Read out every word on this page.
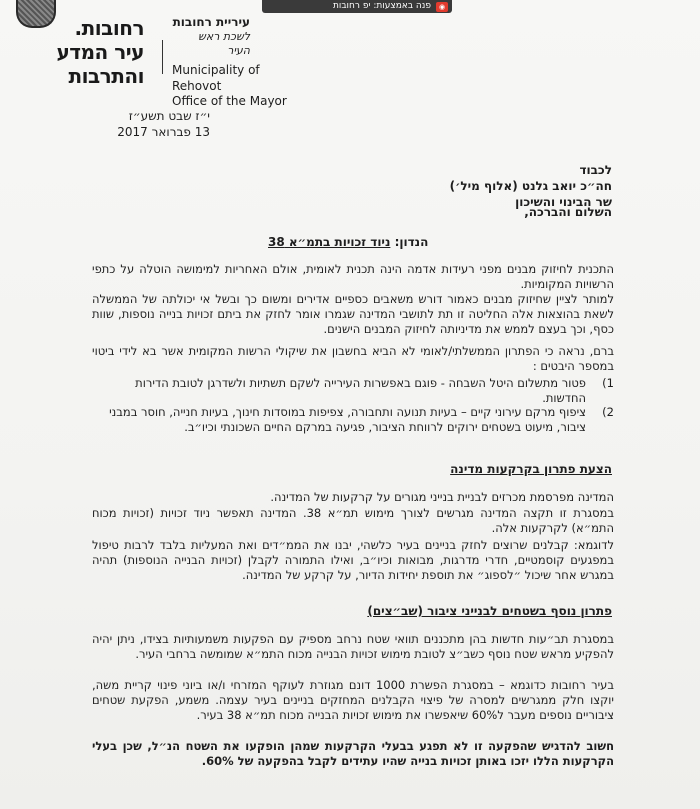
פנה באמצעות: יפ רחובות	◉
רחובות.
עיר המדע
והתרבות
עיריית רחובות
לשכת ראש העיר
Municipality of Rehovot
Office of the Mayor
י״ז שבט תשע״ז
13 פברואר 2017
לכבוד
חה״כ יואב גלנט (אלוף מיל׳)
שר הבינוי והשיכון
השלום והברכה,
הנדון: ניוד זכויות בתמ״א 38
התכנית לחיזוק מבנים מפני רעידות אדמה הינה תכנית לאומית, אולם האחריות למימושה הוטלה על כתפי הרשויות המקומיות.
למותר לציין שחיזוק מבנים כאמור דורש משאבים כספיים אדירים ומשום כך ובשל אי יכולתה של הממשלה לשאת בהוצאות אלה החליטה זו תת לתושבי המדינה שגמרו אומר לחזק את ביתם זכויות בנייה נוספות, שוות כסף, וכך בעצם לממש את מדיניותה לחיזוק המבנים הישנים.
ברם, נראה כי הפתרון הממשלתי/לאומי לא הביא בחשבון את שיקולי הרשות המקומית אשר בא לידי ביטוי במספר היבטים :
1)
פטור מתשלום היטל השבחה - פוגם באפשרות העירייה לשקם תשתיות ולשדרגן לטובת הדירות החדשות.
2)
ציפוף מרקם עירוני קיים – בעיות תנועה ותחבורה, צפיפות במוסדות חינוך, בעיות חנייה, חוסר במבני ציבור, מיעוט בשטחים ירוקים לרווחת הציבור, פגיעה במרקם החיים השכונתי וכיו״ב.
הצעת פתרון בקרקעות מדינה
המדינה מפרסמת מכרזים לבניית בנייני מגורים על קרקעות של המדינה.
במסגרת זו תקצה המדינה מגרשים לצורך מימוש תמ״א 38. המדינה תאפשר ניוד זכויות (זכויות מכוח התמ״א) לקרקעות אלה.
לדוגמא: קבלנים שרוצים לחזק בניינים בעיר כלשהי, יבנו את הממ״דים ואת המעליות בלבד לרבות טיפול במפגעים קוסמטיים, חדרי מדרגות, מבואות וכיו״ב, ואילו התמורה לקבלן (זכויות הבנייה הנוספות) תהיה במגרש אחר שיכול ״לספוג״ את תוספת יחידות הדיור, על קרקע של המדינה.
פתרון נוסף בשטחים לבנייני ציבור (שב״צים)
במסגרת תב״עות חדשות בהן מתכננים תוואי שטח נרחב מספיק עם הפקעות משמעותיות בצידו, ניתן יהיה להפקיע מראש שטח נוסף כשב״צ לטובת מימוש זכויות הבנייה מכוח התמ״א שמומשה ברחבי העיר.
בעיר רחובות כדוגמא – במסגרת הפשרת 1000 דונם מגוזרת לעוקף המזרחי ו/או ביוני פינוי קריית משה, יוקצו חלק ממגרשים למסרה של פיצוי הקבלנים המחזקים בניינים בעיר עצמה. משמע, הפקעת שטחים ציבוריים נוספים מעבר ל60% שיאפשרו את מימוש זכויות הבנייה מכוח תמ״א 38 בעיר.
חשוב להדגיש שהפקעה זו לא תפגע בבעלי הקרקעות שמהן הופקעו את השטח הנ״ל, שכן בעלי הקרקעות הללו יזכו באותן זכויות בנייה שהיו עתידים לקבל בהפקעה של 60%.
